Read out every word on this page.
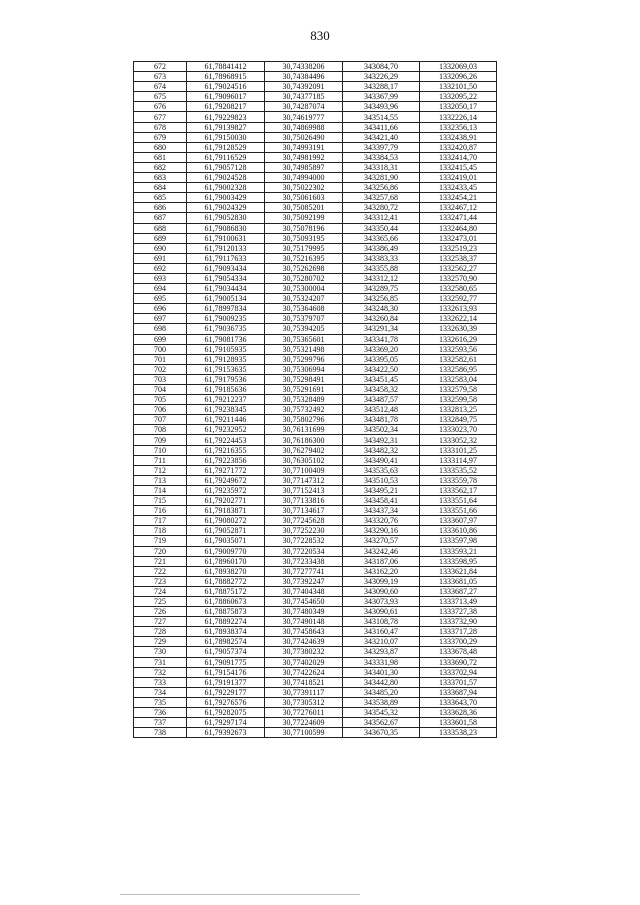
830
672	61,78841412	30,74338206	343084,70	1332069,03
673	61,78968915	30,74384496	343226,29	1332096,26
674	61,79024516	30,74392091	343288,17	1332101,50
675	61,79096017	30,74377185	343367,99	1332095,22
676	61,79208217	30,74287074	343493,96	1332050,17
677	61,79229823	30,74619777	343514,55	1332226,14
678	61,79139827	30,74869988	343411,66	1332356,13
679	61,79150030	30,75026490	343421,40	1332438,91
680	61,79128529	30,74993191	343397,79	1332420,87
681	61,79116529	30,74981992	343384,53	1332414,70
682	61,79057128	30,74985897	343318,31	1332415,45
683	61,79024528	30,74994000	343281,90	1332419,01
684	61,79002328	30,75022302	343256,86	1332433,45
685	61,79003429	30,75061603	343257,68	1332454,21
686	61,79024329	30,75085201	343280,72	1332467,12
687	61,79052830	30,75092199	343312,41	1332471,44
688	61,79086830	30,75078196	343350,44	1332464,80
689	61,79100631	30,75093195	343365,66	1332473,01
690	61,79120133	30,75179995	343386,49	1332519,23
691	61,79117633	30,75216395	343383,33	1332538,37
692	61,79093434	30,75262698	343355,88	1332562,27
693	61,79054334	30,75280702	343312,12	1332570,90
694	61,79034434	30,75300004	343289,75	1332580,65
695	61,79005134	30,75324207	343256,85	1332592,77
696	61,78997834	30,75364608	343248,30	1332613,93
697	61,79009235	30,75379707	343260,84	1332622,14
698	61,79036735	30,75394205	343291,34	1332630,39
699	61,79081736	30,75365601	343341,78	1332616,29
700	61,79105935	30,75321498	343369,20	1332593,56
701	61,79128935	30,75299796	343395,05	1332582,61
702	61,79153635	30,75306994	343422,50	1332586,95
703	61,79179536	30,75298491	343451,45	1332583,04
704	61,79185636	30,75291691	343458,32	1332579,58
705	61,79212237	30,75328489	343487,57	1332599,58
706	61,79238345	30,75732492	343512,48	1332813,25
707	61,79211446	30,75802796	343481,78	1332849,75
708	61,79232952	30,76131699	343502,34	1333023,70
709	61,79224453	30,76186300	343492,31	1333052,32
710	61,79216355	30,76279402	343482,32	1333101,25
711	61,79223856	30,76305102	343490,41	1333114,97
712	61,79271772	30,77100409	343535,63	1333535,52
713	61,79249672	30,77147312	343510,53	1333559,78
714	61,79235972	30,77152413	343495,21	1333562,17
715	61,79202771	30,77133816	343458,41	1333551,64
716	61,79183871	30,77134617	343437,34	1333551,66
717	61,79080272	30,77245628	343320,76	1333607,97
718	61,79052871	30,77252230	343290,16	1333610,86
719	61,79035071	30,77228532	343270,57	1333597,98
720	61,79009770	30,77220534	343242,46	1333593,21
721	61,78960170	30,77233438	343187,06	1333598,95
722	61,78938270	30,77277741	343162,20	1333621,84
723	61,78882772	30,77392247	343099,19	1333681,05
724	61,78875172	30,77404348	343090,60	1333687,27
725	61,78860673	30,77454650	343073,93	1333713,49
726	61,78875873	30,77480349	343090,61	1333727,38
727	61,78892274	30,77490148	343108,78	1333732,90
728	61,78938374	30,77458643	343160,47	1333717,28
729	61,78982574	30,77424639	343210,07	1333700,29
730	61,79057374	30,77380232	343293,87	1333678,48
731	61,79091775	30,77402029	343331,98	1333690,72
732	61,79154176	30,77422624	343401,30	1333702,94
733	61,79191377	30,77418521	343442,80	1333701,57
734	61,79229177	30,77391117	343485,20	1333687,94
735	61,79276576	30,77305312	343538,89	1333643,70
736	61,79282075	30,77276011	343545,32	1333628,36
737	61,79297174	30,77224609	343562,67	1333601,58
738	61,79392673	30,77100599	343670,35	1333538,23
